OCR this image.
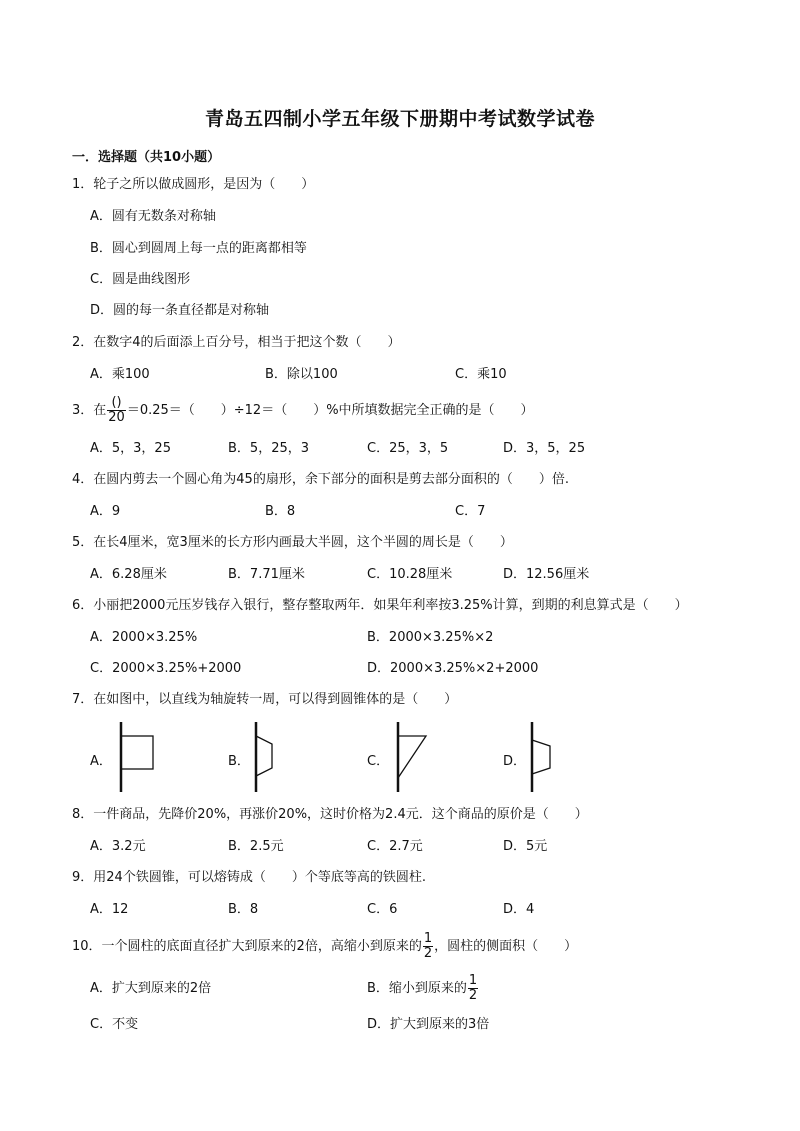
青岛五四制小学五年级下册期中考试数学试卷
一．选择题（共10小题）
1．轮子之所以做成圆形，是因为（　　）
A．圆有无数条对称轴
B．圆心到圆周上每一点的距离都相等
C．圆是曲线图形
D．圆的每一条直径都是对称轴
2．在数字4的后面添上百分号，相当于把这个数（　　）
A．乘100	B．除以100	C．乘10
3．在 $\frac{()}{20} =0.25=$（　　）÷12＝（　　）%中所填数据完全正确的是（　　）
A．5，3，25	B．5，25，3	C．25，3，5	D．3，5，25
4．在圆内剪去一个圆心角为45的扇形，余下部分的面积是剪去部分面积的（　　）倍.
A．9	B．8	C．7
5．在长4厘米，宽3厘米的长方形内画最大半圆，这个半圆的周长是（　　）
A．6.28厘米	B．7.71厘米	C．10.28厘米	D．12.56厘米
6．小丽把2000元压岁钱存入银行，整存整取两年．如果年利率按3.25%计算，到期的利息算式是（　　）
A．2000×3.25%	B．2000×3.25%×2
C．2000×3.25%+2000	D．2000×3.25%×2+2000
7．在如图中，以直线为轴旋转一周，可以得到圆锥体的是（　　）
A．	B．	C．	D．
8．一件商品，先降价20%，再涨价20%，这时价格为2.4元．这个商品的原价是（　　）
A．3.2元	B．2.5元	C．2.7元	D．5元
9．用24个铁圆锥，可以熔铸成（　　）个等底等高的铁圆柱.
A．12	B．8	C．6	D．4
10．一个圆柱的底面直径扩大到原来的2倍，高缩小到原来的 $\frac{1}{2}$ ，圆柱的侧面积（　　）
A．扩大到原来的2倍	B．缩小到原来的 $\frac{1}{2}$
C．不变	D．扩大到原来的3倍
